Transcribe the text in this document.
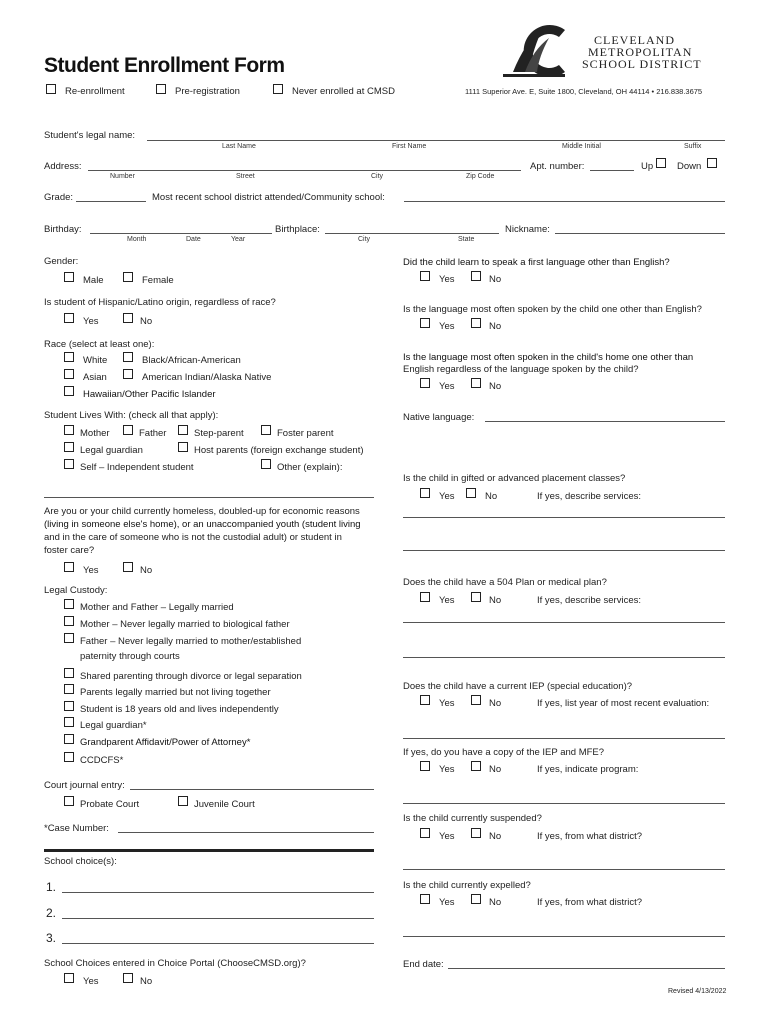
Student Enrollment Form
Re-enrollment	Pre-registration	Never enrolled at CMSD
CLEVELAND
METROPOLITAN
SCHOOL DISTRICT
1111 Superior Ave. E, Suite 1800, Cleveland, OH 44114 • 216.838.3675
Student's legal name:
Last Name	First Name	Middle Initial	Suffix
Address:
Number	Street	City	Zip Code
Apt. number:	Up	Down
Grade:	Most recent school district attended/Community school:
Birthday:
Month	Date	Year
Birthplace:
City	State
Nickname:
Gender:
Male	Female
Is student of Hispanic/Latino origin, regardless of race?
Yes	No
Race (select at least one):
White	Black/African-American
Asian	American Indian/Alaska Native
Hawaiian/Other Pacific Islander
Student Lives With: (check all that apply):
Mother	Father	Step-parent	Foster parent
Legal guardian	Host parents (foreign exchange student)
Self – Independent student	Other (explain):
Are you or your child currently homeless, doubled-up for economic reasons
(living in someone else's home), or an unaccompanied youth (student living
and in the care of someone who is not the custodial adult) or student in
foster care?
Yes	No
Legal Custody:
Mother and Father – Legally married
Mother – Never legally married to biological father
Father – Never legally married to mother/established
paternity through courts
Shared parenting through divorce or legal separation
Parents legally married but not living together
Student is 18 years old and lives independently
Legal guardian*
Grandparent Affidavit/Power of Attorney*
CCDCFS*
Court journal entry:
Probate Court	Juvenile Court
*Case Number:
School choice(s):
1.
2.
3.
School Choices entered in Choice Portal (ChooseCMSD.org)?
Yes	No
Did the child learn to speak a first language other than English?
Yes	No
Is the language most often spoken by the child one other than English?
Yes	No
Is the language most often spoken in the child's home one other than
English regardless of the language spoken by the child?
Yes	No
Native language:
Is the child in gifted or advanced placement classes?
Yes	No	If yes, describe services:
Does the child have a 504 Plan or medical plan?
Yes	No	If yes, describe services:
Does the child have a current IEP (special education)?
Yes	No	If yes, list year of most recent evaluation:
If yes, do you have a copy of the IEP and MFE?
Yes	No	If yes, indicate program:
Is the child currently suspended?
Yes	No	If yes, from what district?
Is the child currently expelled?
Yes	No	If yes, from what district?
End date:
Revised 4/13/2022
